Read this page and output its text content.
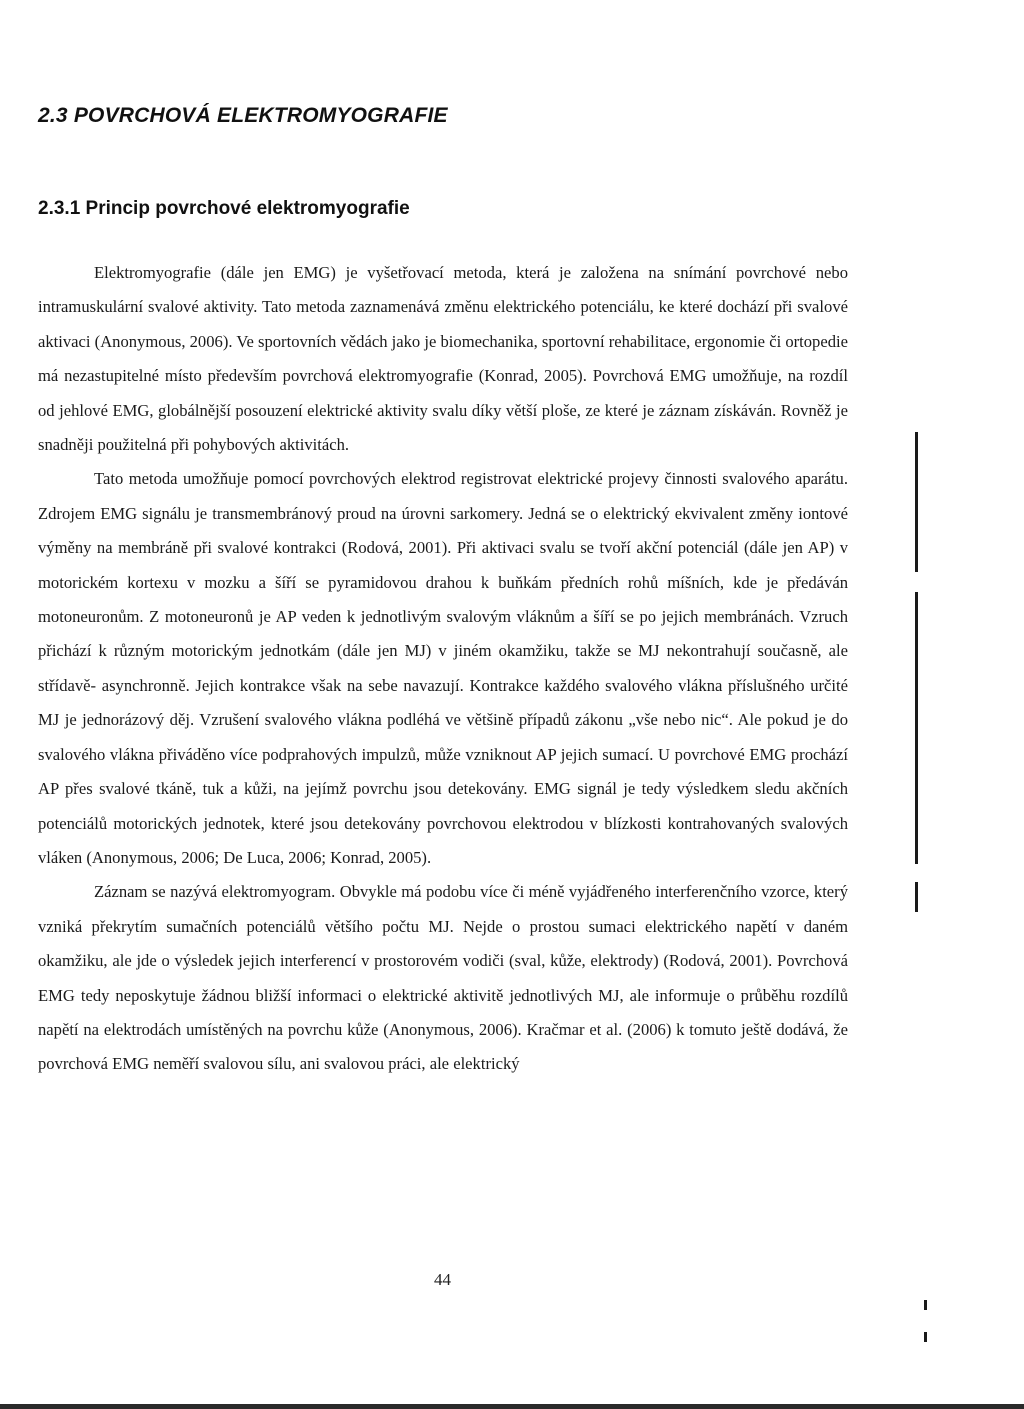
2.3 POVRCHOVÁ ELEKTROMYOGRAFIE
2.3.1 Princip povrchové elektromyografie

Elektromyografie (dále jen EMG) je vyšetřovací metoda, která je založena na snímání povrchové nebo intramuskulární svalové aktivity. Tato metoda zaznamenává změnu elektrického potenciálu, ke které dochází při svalové aktivaci (Anonymous, 2006). Ve sportovních vědách jako je biomechanika, sportovní rehabilitace, ergonomie či ortopedie má nezastupitelné místo především povrchová elektromyografie (Konrad, 2005). Povrchová EMG umožňuje, na rozdíl od jehlové EMG, globálnější posouzení elektrické aktivity svalu díky větší ploše, ze které je záznam získáván. Rovněž je snadněji použitelná při pohybových aktivitách.

Tato metoda umožňuje pomocí povrchových elektrod registrovat elektrické projevy činnosti svalového aparátu. Zdrojem EMG signálu je transmembránový proud na úrovni sarkomery. Jedná se o elektrický ekvivalent změny iontové výměny na membráně při svalové kontrakci (Rodová, 2001). Při aktivaci svalu se tvoří akční potenciál (dále jen AP) v motorickém kortexu v mozku a šíří se pyramidovou drahou k buňkám předních rohů míšních, kde je předáván motoneuronům. Z motoneuronů je AP veden k jednotlivým svalovým vláknům a šíří se po jejich membránách. Vzruch přichází k různým motorickým jednotkám (dále jen MJ) v jiném okamžiku, takže se MJ nekontrahují současně, ale střídavě- asynchronně. Jejich kontrakce však na sebe navazují. Kontrakce každého svalového vlákna příslušného určité MJ je jednorázový děj. Vzrušení svalového vlákna podléhá ve většině případů zákonu „vše nebo nic“. Ale pokud je do svalového vlákna přiváděno více podprahových impulzů, může vzniknout AP jejich sumací. U povrchové EMG prochází AP přes svalové tkáně, tuk a kůži, na jejímž povrchu jsou detekovány. EMG signál je tedy výsledkem sledu akčních potenciálů motorických jednotek, které jsou detekovány povrchovou elektrodou v blízkosti kontrahovaných svalových vláken (Anonymous, 2006; De Luca, 2006; Konrad, 2005).

Záznam se nazývá elektromyogram. Obvykle má podobu více či méně vyjádřeného interferenčního vzorce, který vzniká překrytím sumačních potenciálů většího počtu MJ. Nejde o prostou sumaci elektrického napětí v daném okamžiku, ale jde o výsledek jejich interferencí v prostorovém vodiči (sval, kůže, elektrody) (Rodová, 2001). Povrchová EMG tedy neposkytuje žádnou bližší informaci o elektrické aktivitě jednotlivých MJ, ale informuje o průběhu rozdílů napětí na elektrodách umístěných na povrchu kůže (Anonymous, 2006). Kračmar et al. (2006) k tomuto ještě dodává, že povrchová EMG neměří svalovou sílu, ani svalovou práci, ale elektrický

44
